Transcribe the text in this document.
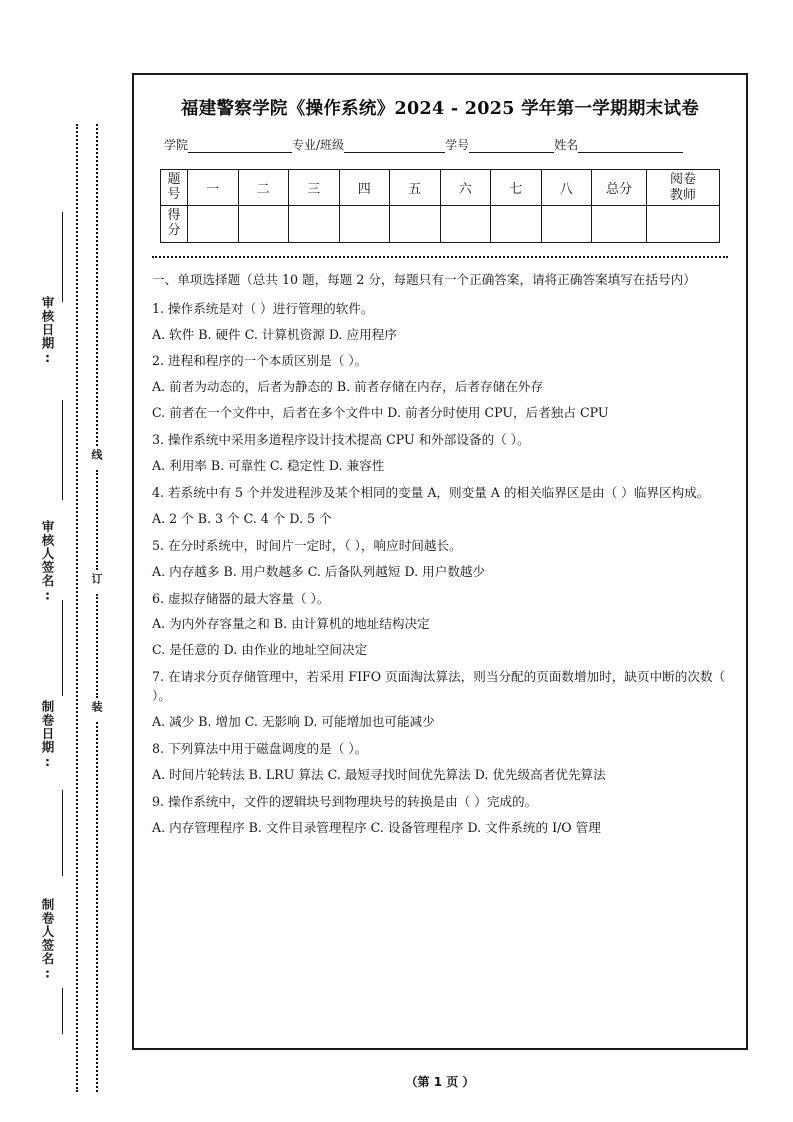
审核日期:
审核人签名:
制卷日期:
制卷人签名:
线
订
装
福建警察学院《操作系统》2024 - 2025 学年第一学期期末试卷
学院	专业/班级	学号	姓名
题
号	一	二	三	四	五	六	七	八	总分	阅卷
教师

得
分										

一、单项选择题（总共 10 题，每题 2 分，每题只有一个正确答案，请将正确答案填写在括号内）

1. 操作系统是对（ ）进行管理的软件。

A. 软件 B. 硬件 C. 计算机资源 D. 应用程序

2. 进程和程序的一个本质区别是（ ）。

A. 前者为动态的，后者为静态的 B. 前者存储在内存，后者存储在外存

C. 前者在一个文件中，后者在多个文件中 D. 前者分时使用 CPU，后者独占 CPU

3. 操作系统中采用多道程序设计技术提高 CPU 和外部设备的（ ）。

A. 利用率 B. 可靠性 C. 稳定性 D. 兼容性

4. 若系统中有 5 个并发进程涉及某个相同的变量 A，则变量 A 的相关临界区是由（ ）临界区构成。

A. 2 个 B. 3 个 C. 4 个 D. 5 个

5. 在分时系统中，时间片一定时，（ ），响应时间越长。

A. 内存越多 B. 用户数越多 C. 后备队列越短 D. 用户数越少

6. 虚拟存储器的最大容量（ ）。

A. 为内外存容量之和 B. 由计算机的地址结构决定

C. 是任意的 D. 由作业的地址空间决定

7. 在请求分页存储管理中，若采用 FIFO 页面淘汰算法，则当分配的页面数增加时，缺页中断的次数（ ）。

A. 减少 B. 增加 C. 无影响 D. 可能增加也可能减少

8. 下列算法中用于磁盘调度的是（ ）。

A. 时间片轮转法 B. LRU 算法 C. 最短寻找时间优先算法 D. 优先级高者优先算法

9. 操作系统中，文件的逻辑块号到物理块号的转换是由（ ）完成的。

A. 内存管理程序 B. 文件目录管理程序 C. 设备管理程序 D. 文件系统的 I/O 管理

（第 1 页 ）
